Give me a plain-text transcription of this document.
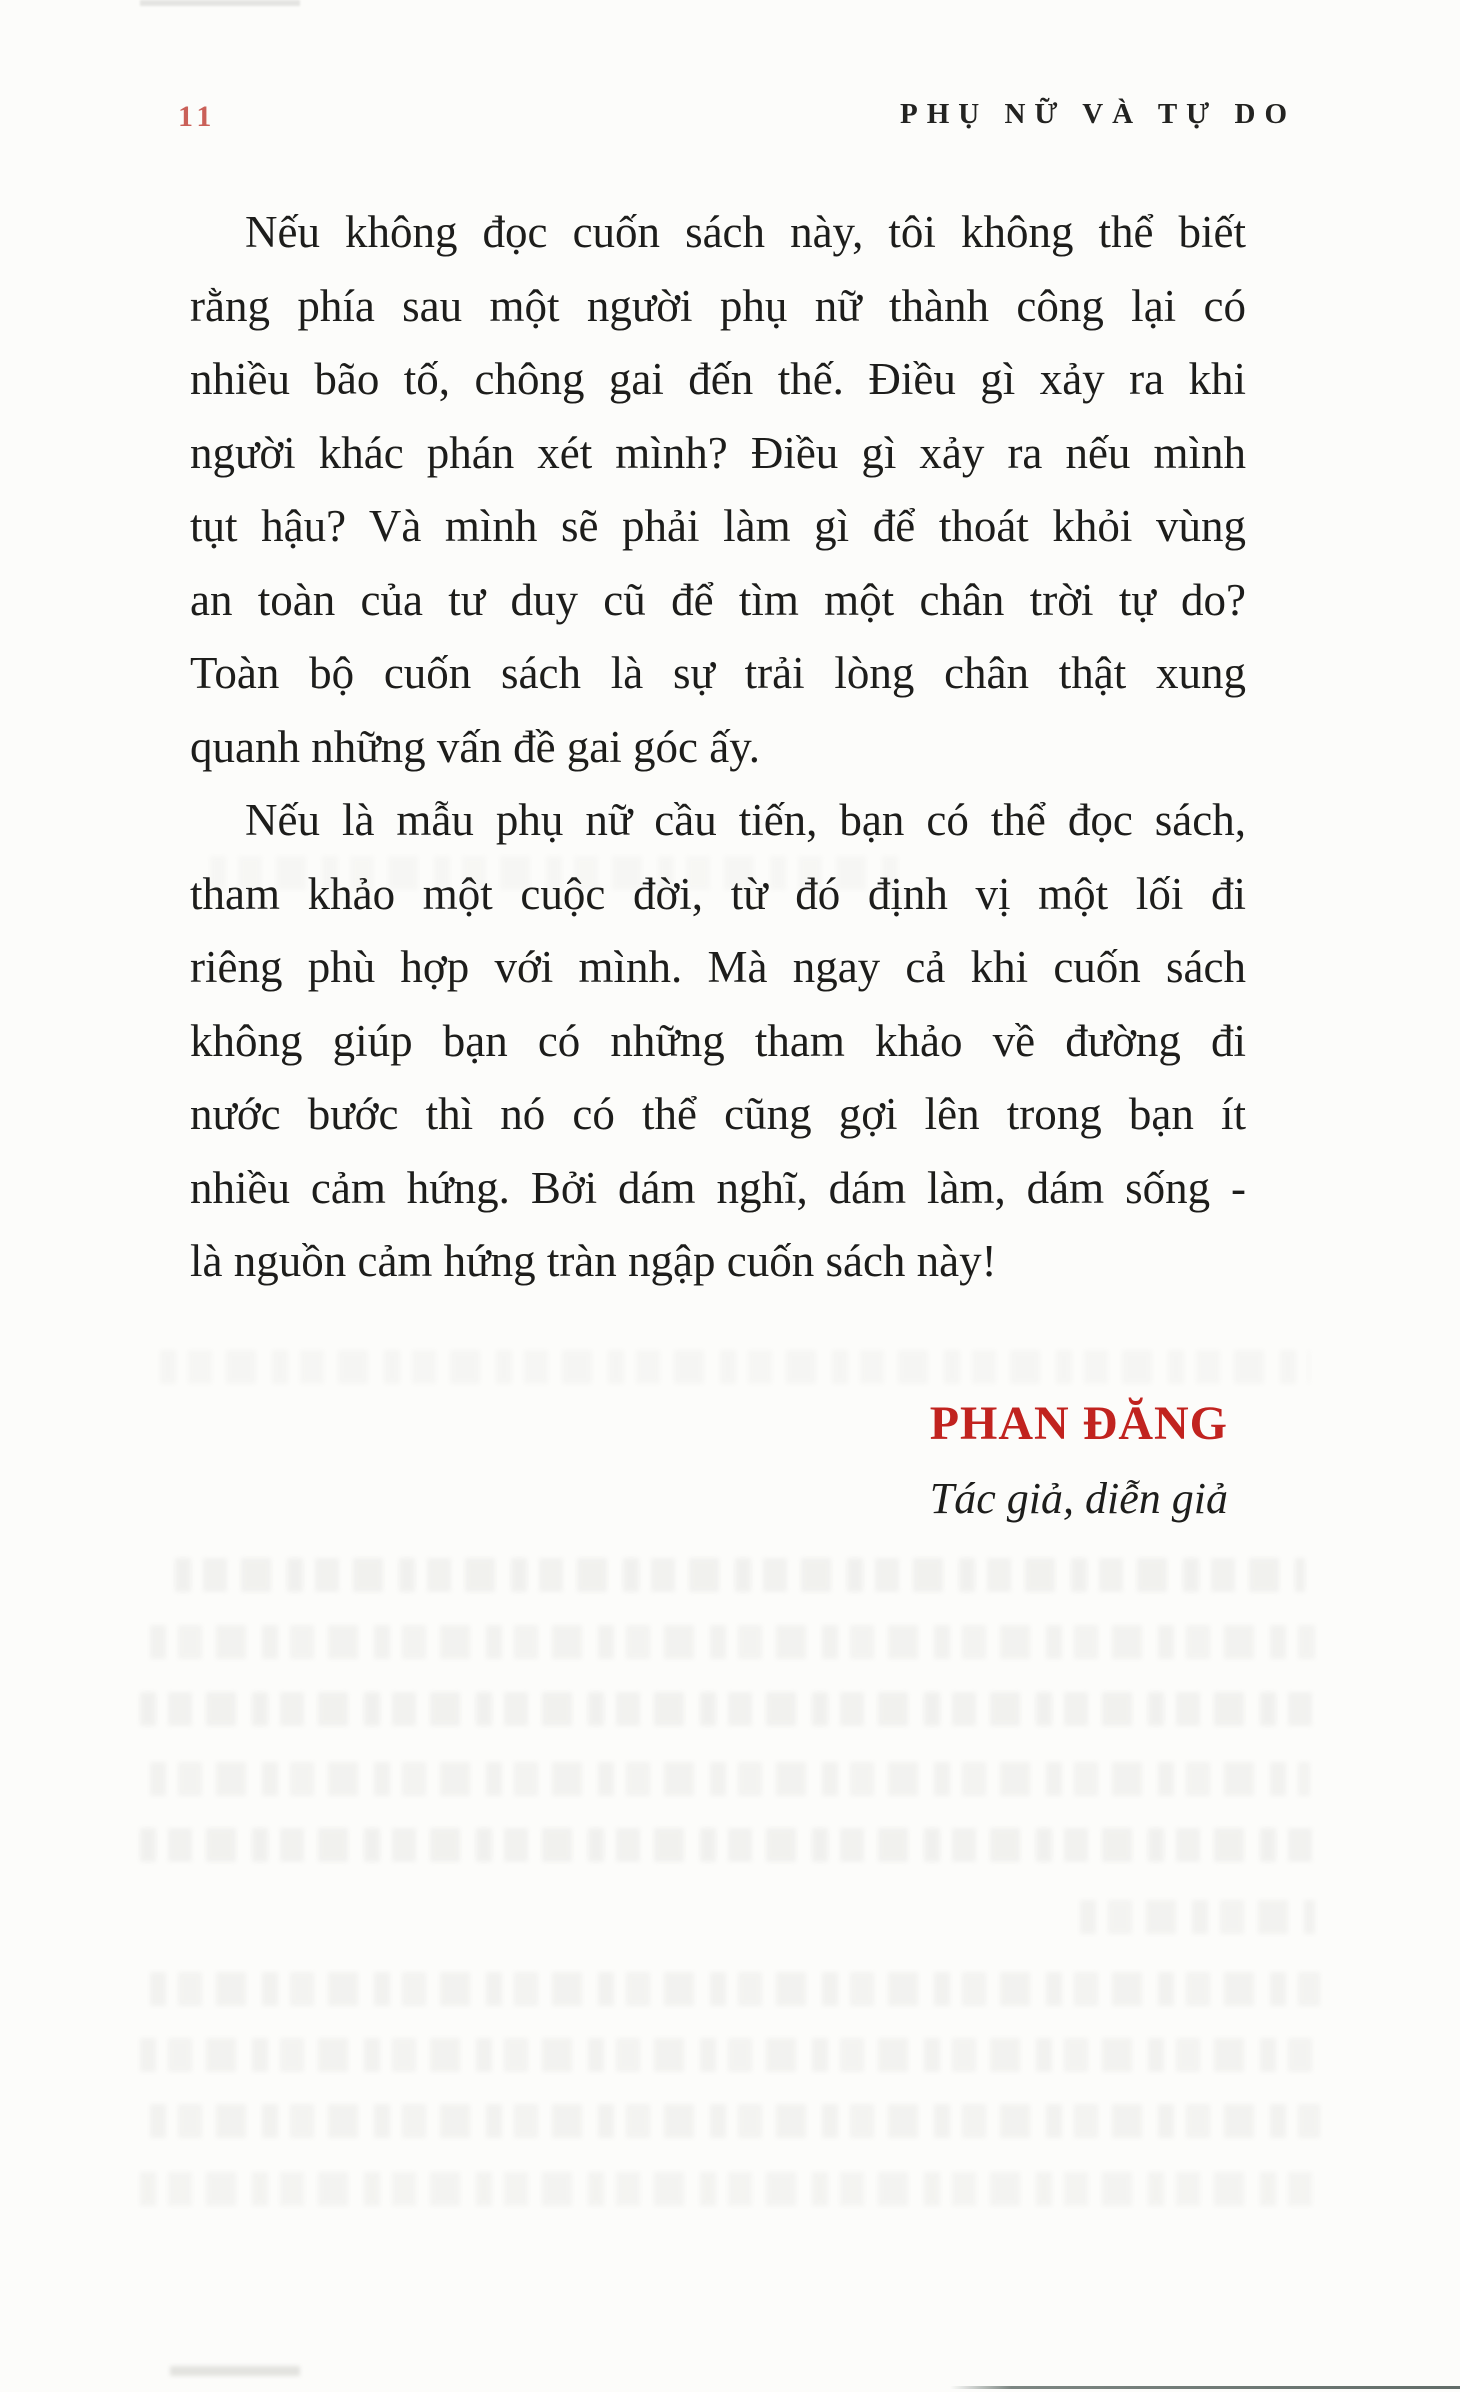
11	PHỤ NỮ VÀ TỰ DO
Nếu không đọc cuốn sách này, tôi không thể biết
rằng phía sau một người phụ nữ thành công lại có
nhiều bão tố, chông gai đến thế. Điều gì xảy ra khi
người khác phán xét mình? Điều gì xảy ra nếu mình
tụt hậu? Và mình sẽ phải làm gì để thoát khỏi vùng
an toàn của tư duy cũ để tìm một chân trời tự do?
Toàn bộ cuốn sách là sự trải lòng chân thật xung
quanh những vấn đề gai góc ấy.
Nếu là mẫu phụ nữ cầu tiến, bạn có thể đọc sách,
tham khảo một cuộc đời, từ đó định vị một lối đi
riêng phù hợp với mình. Mà ngay cả khi cuốn sách
không giúp bạn có những tham khảo về đường đi
nước bước thì nó có thể cũng gợi lên trong bạn ít
nhiều cảm hứng. Bởi dám nghĩ, dám làm, dám sống -
là nguồn cảm hứng tràn ngập cuốn sách này!
PHAN ĐĂNG
Tác giả, diễn giả
